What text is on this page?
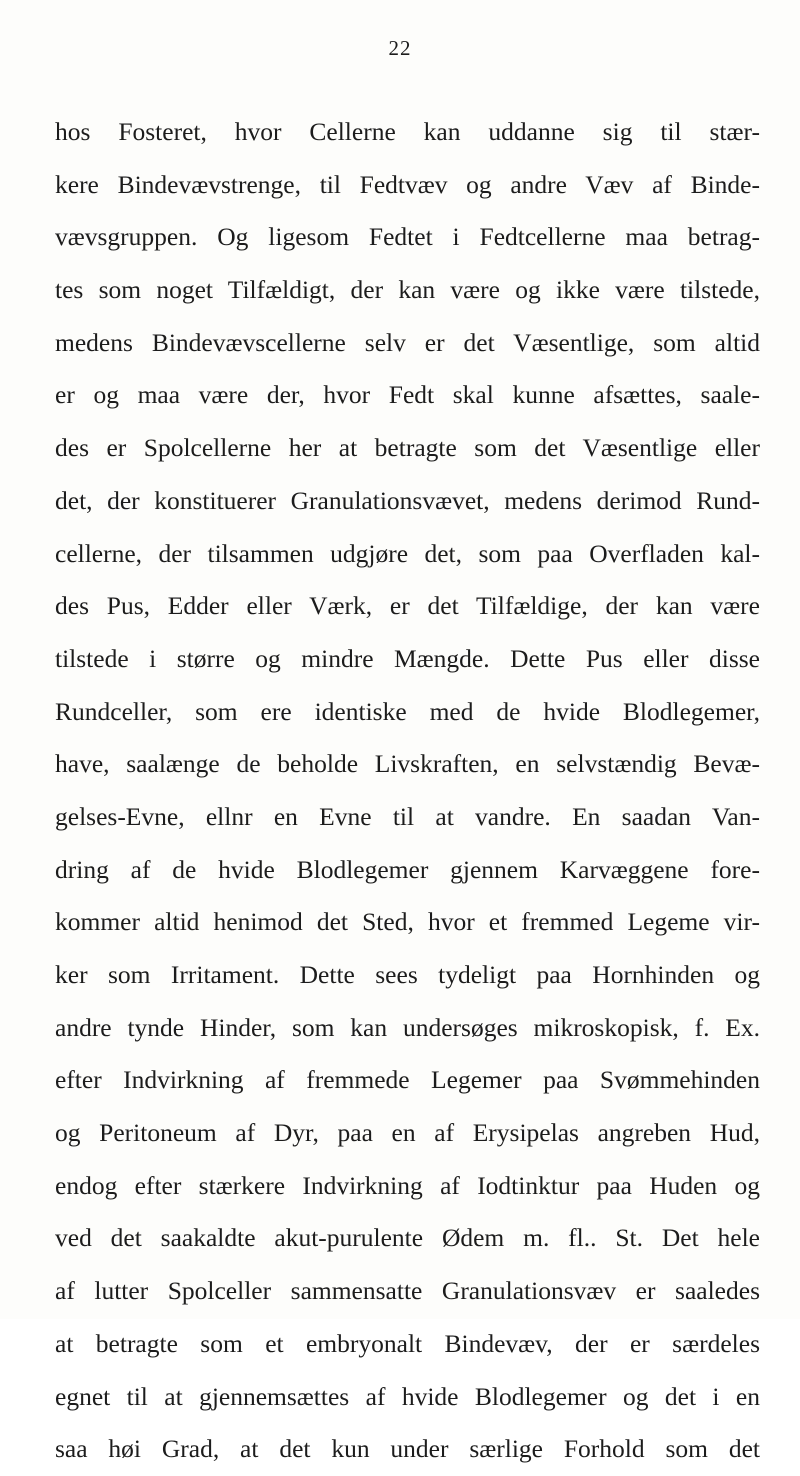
22
hos Fosteret, hvor Cellerne kan uddanne sig til stær-
kere Bindevævstrenge, til Fedtvæv og andre Væv af Binde-
vævsgruppen. Og ligesom Fedtet i Fedtcellerne maa betrag-
tes som noget Tilfældigt, der kan være og ikke være tilstede,
medens Bindevævscellerne selv er det Væsentlige, som altid
er og maa være der, hvor Fedt skal kunne afsættes, saale-
des er Spolcellerne her at betragte som det Væsentlige eller
det, der konstituerer Granulationsvævet, medens derimod Rund-
cellerne, der tilsammen udgjøre det, som paa Overfladen kal-
des Pus, Edder eller Værk, er det Tilfældige, der kan være
tilstede i større og mindre Mængde. Dette Pus eller disse
Rundceller, som ere identiske med de hvide Blodlegemer,
have, saalænge de beholde Livskraften, en selvstændig Bevæ-
gelses-Evne, ellnr en Evne til at vandre. En saadan Van-
dring af de hvide Blodlegemer gjennem Karvæggene fore-
kommer altid henimod det Sted, hvor et fremmed Legeme vir-
ker som Irritament. Dette sees tydeligt paa Hornhinden og
andre tynde Hinder, som kan undersøges mikroskopisk, f. Ex.
efter Indvirkning af fremmede Legemer paa Svømmehinden
og Peritoneum af Dyr, paa en af Erysipelas angreben Hud,
endog efter stærkere Indvirkning af Iodtinktur paa Huden og
ved det saakaldte akut-purulente Ødem m. fl.. St. Det hele
af lutter Spolceller sammensatte Granulationsvæv er saaledes
at betragte som et embryonalt Bindevæv, der er særdeles
egnet til at gjennemsættes af hvide Blodlegemer og det i en
saa høi Grad, at det kun under særlige Forhold som det
